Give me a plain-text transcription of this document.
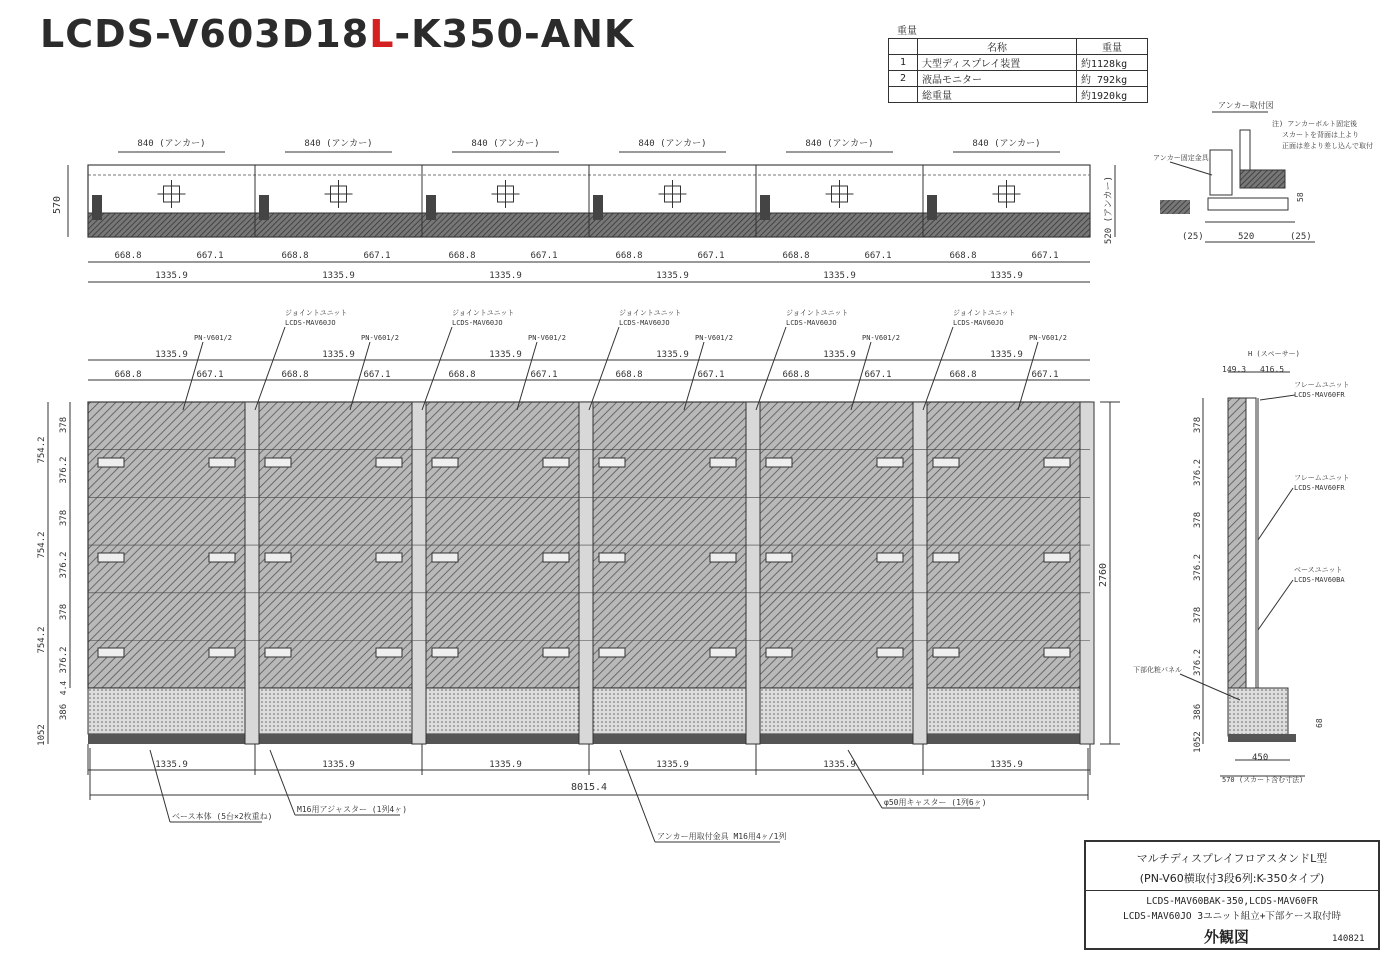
LCDS-V603D18L-K350-ANK	重量
	名称	重量
1	大型ディスプレイ装置	約1128kg
2	液晶モニター	約 792kg
	総重量	約1920kg
840 (アンカー)
668.8	667.1
1335.9
840 (アンカー)
668.8	667.1
1335.9
840 (アンカー)
668.8	667.1
1335.9
840 (アンカー)
668.8	667.1
1335.9
840 (アンカー)
668.8	667.1
1335.9
840 (アンカー)
668.8	667.1
1335.9
570	520 (アンカー)
1335.9
668.8	667.1
PN-V601/2
ジョイントユニット
LCDS-MAV60JO
1335.9
1335.9
668.8	667.1
PN-V601/2
ジョイントユニット
LCDS-MAV60JO
1335.9
1335.9
668.8	667.1
PN-V601/2
ジョイントユニット
LCDS-MAV60JO
1335.9
1335.9
668.8	667.1
PN-V601/2
ジョイントユニット
LCDS-MAV60JO
1335.9
1335.9
668.8	667.1
PN-V601/2
ジョイントユニット
LCDS-MAV60JO
1335.9
1335.9
668.8	667.1
PN-V601/2
1335.9
8015.4
2760
754.2
754.2
754.2
378
376.2
378
376.2
378
376.2
4.4
386
1052
ベース本体 (5台×2枚重ね)
M16用アジャスター (1列4ヶ)
アンカー用取付金具 M16用4ヶ/1列
φ50用キャスター (1列6ヶ)
アンカー取付図
アンカー固定金具
注) アンカーボルト固定後
スカートを背面は上より
正面は差より差し込んで取付
(25)	520	(25)
58
H (スペーサー)
149.3 416.5
フレームユニット
LCDS-MAV60FR
フレームユニット
LCDS-MAV60FR
ベースユニット
LCDS-MAV60BA
下部化粧パネル
378
376.2
378
376.2
378
376.2
386
1052
68
450
570 (スカート含む寸法)
マルチディスプレイフロアスタンドL型
(PN-V60横取付3段6列:K-350タイプ)
LCDS-MAV60BAK-350,LCDS-MAV60FR
LCDS-MAV60JO 3ユニット組立+下部ケース取付時
外観図	140821
